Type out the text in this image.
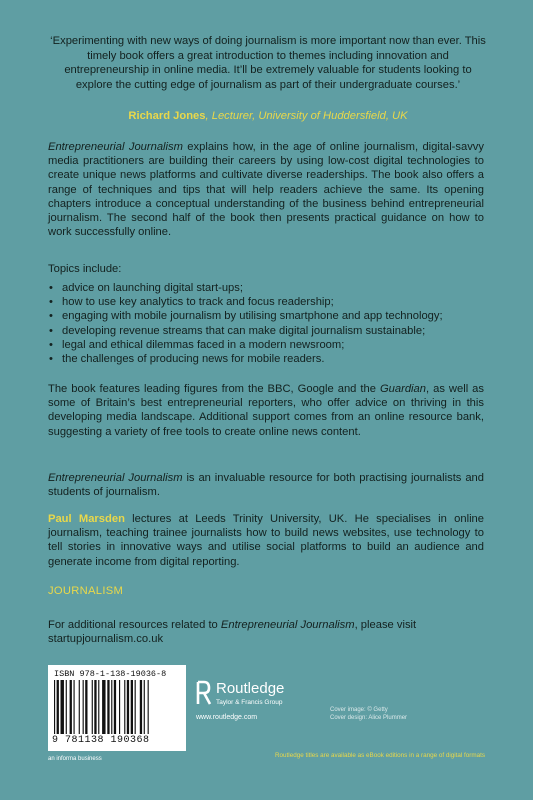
‘Experimenting with new ways of doing journalism is more important now than ever. This timely book offers a great introduction to themes including innovation and entrepreneurship in online media. It’ll be extremely valuable for students looking to explore the cutting edge of journalism as part of their undergraduate courses.’
Richard Jones, Lecturer, University of Huddersfield, UK
Entrepreneurial Journalism explains how, in the age of online journalism, digital-savvy media practitioners are building their careers by using low-cost digital technologies to create unique news platforms and cultivate diverse readerships. The book also offers a range of techniques and tips that will help readers achieve the same. Its opening chapters introduce a conceptual understanding of the business behind entrepreneurial journalism. The second half of the book then presents practical guidance on how to work successfully online.
Topics include:
• advice on launching digital start-ups;
• how to use key analytics to track and focus readership;
• engaging with mobile journalism by utilising smartphone and app technology;
• developing revenue streams that can make digital journalism sustainable;
• legal and ethical dilemmas faced in a modern newsroom;
• the challenges of producing news for mobile readers.
The book features leading figures from the BBC, Google and the Guardian, as well as some of Britain’s best entrepreneurial reporters, who offer advice on thriving in this developing media landscape. Additional support comes from an online resource bank, suggesting a variety of free tools to create online news content.
Entrepreneurial Journalism is an invaluable resource for both practising journalists and students of journalism.
Paul Marsden lectures at Leeds Trinity University, UK. He specialises in online journalism, teaching trainee journalists how to build news websites, use technology to tell stories in innovative ways and utilise social platforms to build an audience and generate income from digital reporting.
JOURNALISM
For additional resources related to Entrepreneurial Journalism, please visit startupjournalism.co.uk
ISBN 978-1-138-19036-8
9 781138 190368
Routledge
Taylor & Francis Group
www.routledge.com
Cover image: © Getty
Cover design: Alice Plummer
an informa business	Routledge titles are available as eBook editions in a range of digital formats
